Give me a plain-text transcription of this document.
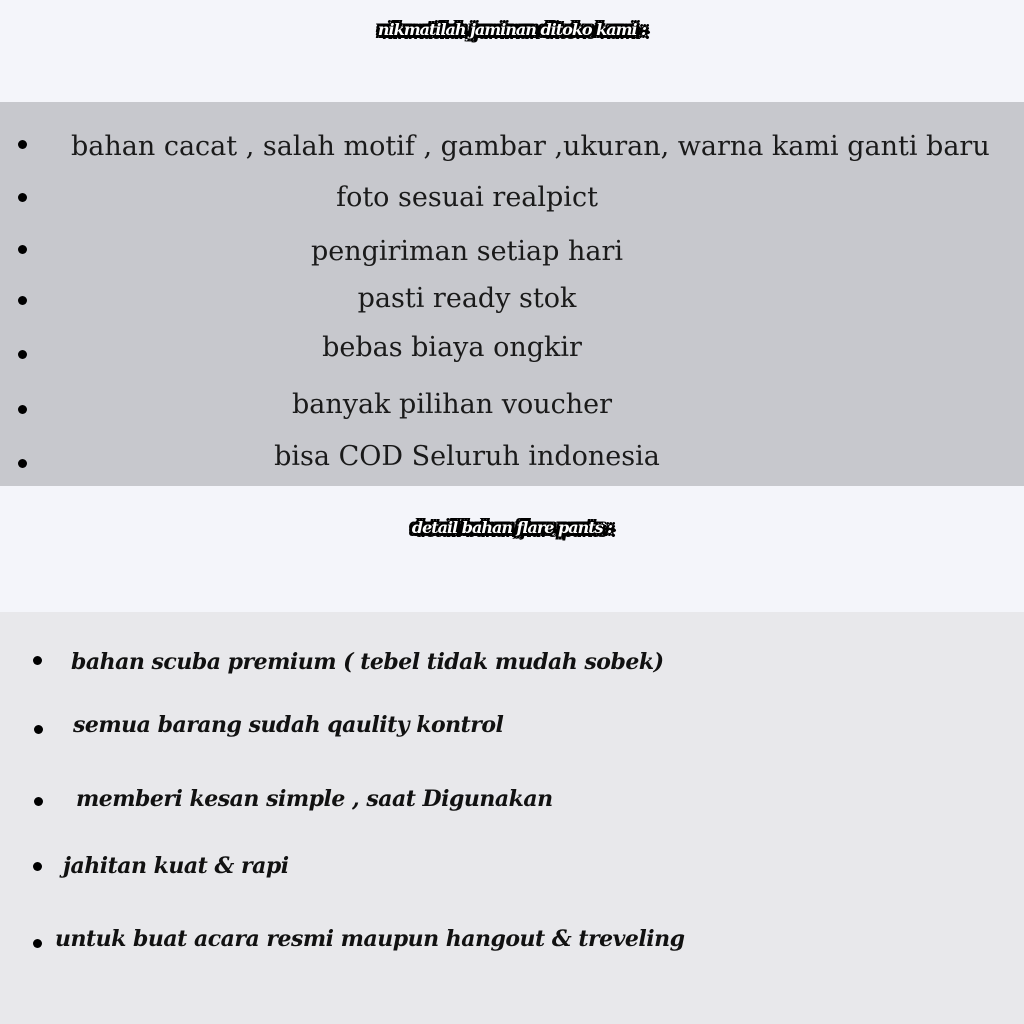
nikmatilah jaminan ditoko kami :
bahan cacat , salah motif , gambar ,ukuran, warna kami ganti baru
foto sesuai realpict
pengiriman setiap hari
pasti ready stok
bebas biaya ongkir
banyak pilihan voucher
bisa COD Seluruh indonesia
detail bahan flare pants :
bahan scuba premium ( tebel tidak mudah sobek)
semua barang sudah qaulity kontrol
memberi kesan simple , saat Digunakan
jahitan kuat & rapi
untuk buat acara resmi maupun hangout & treveling
